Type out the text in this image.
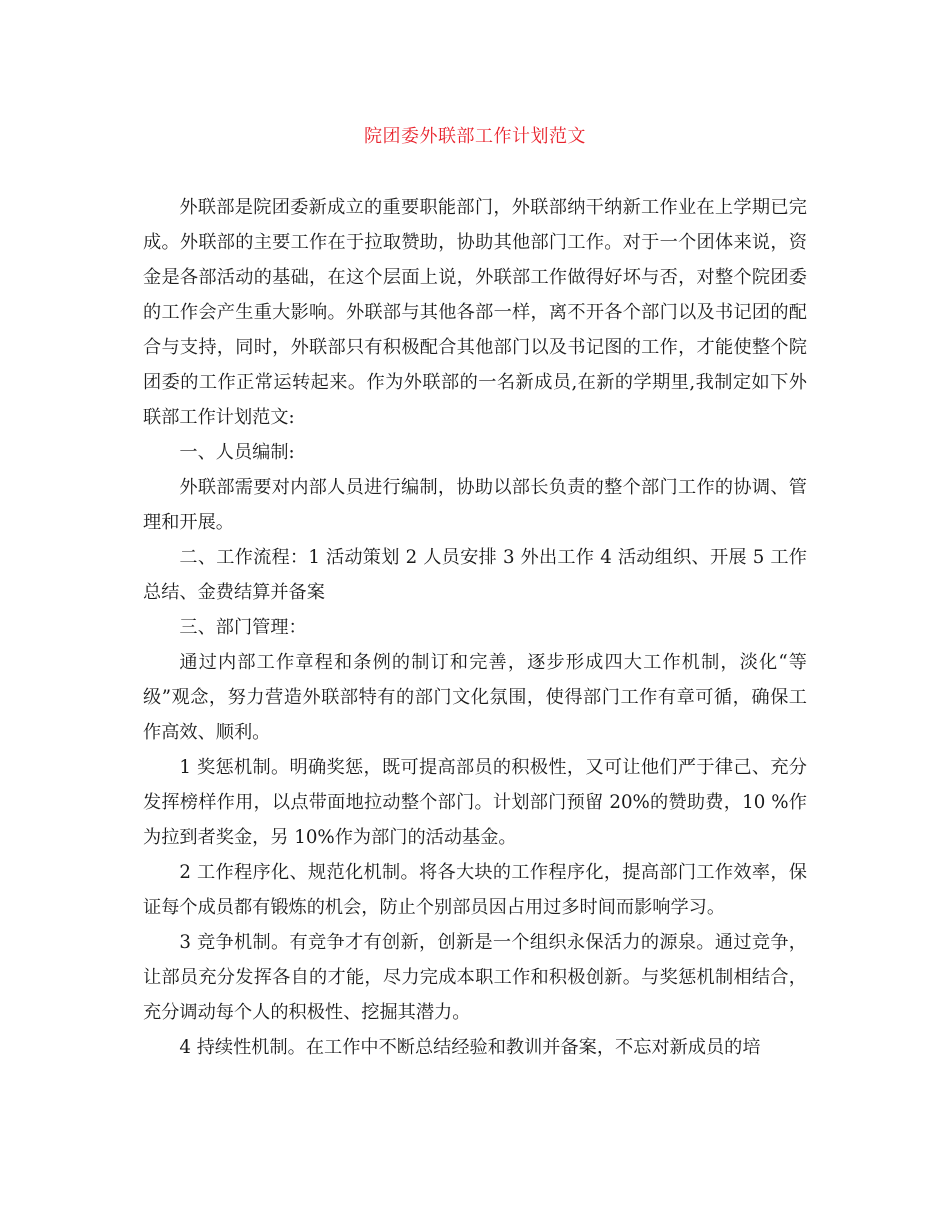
院团委外联部工作计划范文

外联部是院团委新成立的重要职能部门，外联部纳干纳新工作业在上学期已完成。外联部的主要工作在于拉取赞助，协助其他部门工作。对于一个团体来说，资金是各部活动的基础，在这个层面上说，外联部工作做得好坏与否，对整个院团委的工作会产生重大影响。外联部与其他各部一样，离不开各个部门以及书记团的配合与支持，同时，外联部只有积极配合其他部门以及书记图的工作，才能使整个院团委的工作正常运转起来。作为外联部的一名新成员,在新的学期里,我制定如下外联部工作计划范文:

一、人员编制:

外联部需要对内部人员进行编制，协助以部长负责的整个部门工作的协调、管理和开展。

二、工作流程：1 活动策划 2 人员安排 3 外出工作 4 活动组织、开展 5 工作总结、金费结算并备案

三、部门管理：

通过内部工作章程和条例的制订和完善，逐步形成四大工作机制，淡化“等级”观念，努力营造外联部特有的部门文化氛围，使得部门工作有章可循，确保工作高效、顺利。

1 奖惩机制。明确奖惩，既可提高部员的积极性，又可让他们严于律己、充分发挥榜样作用，以点带面地拉动整个部门。计划部门预留 20%的赞助费，10 %作为拉到者奖金，另 10%作为部门的活动基金。

2 工作程序化、规范化机制。将各大块的工作程序化，提高部门工作效率，保证每个成员都有锻炼的机会，防止个别部员因占用过多时间而影响学习。

3 竞争机制。有竞争才有创新，创新是一个组织永保活力的源泉。通过竞争，让部员充分发挥各自的才能，尽力完成本职工作和积极创新。与奖惩机制相结合，充分调动每个人的积极性、挖掘其潜力。

4 持续性机制。在工作中不断总结经验和教训并备案，不忘对新成员的培
